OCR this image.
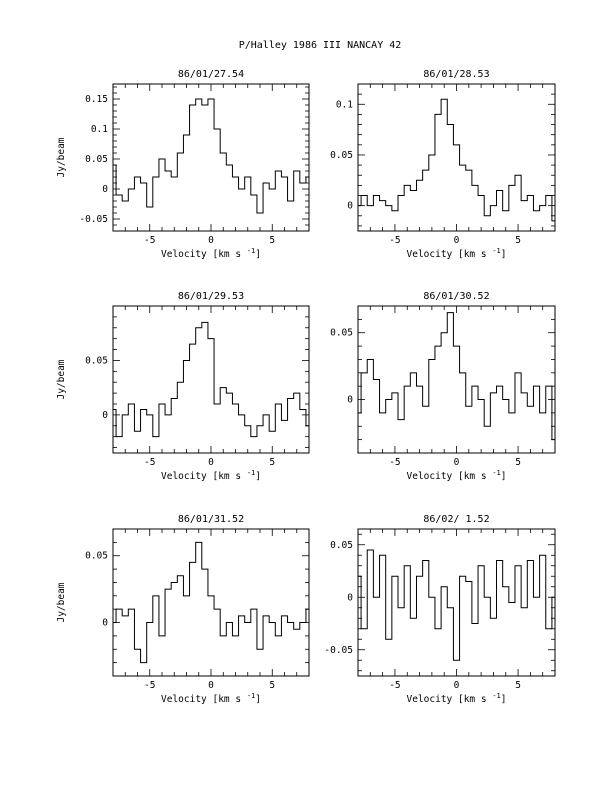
P/Halley 1986 III NANCAY 42
86/01/27.54
-5	0	5
-0.05
0
0.05
0.1
0.15
Velocity [km s $^{-1}$]
Jy/beam
86/01/28.53
-5	0	5
0
0.05
0.1
Velocity [km s $^{-1}$]
86/01/29.53
-5	0	5
0
0.05
Velocity [km s $^{-1}$]
Jy/beam
86/01/30.52
-5	0	5
0
0.05
Velocity [km s $^{-1}$]
86/01/31.52
-5	0	5
0
0.05
Velocity [km s $^{-1}$]
Jy/beam
86/02/ 1.52
-5	0	5
-0.05
0
0.05
Velocity [km s $^{-1}$]
